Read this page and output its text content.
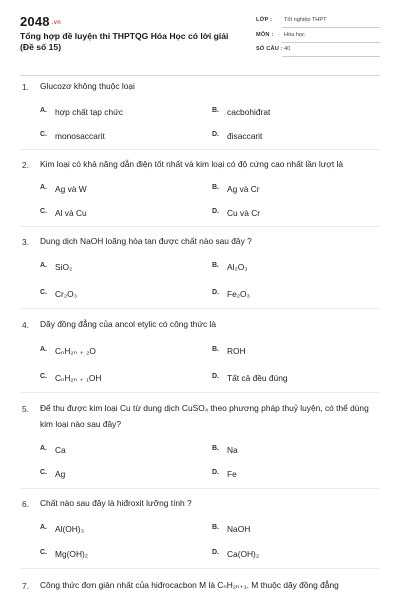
2048 .vn
Tổng hợp đề luyện thi THPTQG Hóa Học có lời giải (Đề số 15)
LỚP : Tốt nghiệp THPT
MÔN : Hóa học
SỐ CÂU : 40
1. Glucozơ không thuộc loại
A. hợp chất tạp chức	B. cacbohiđrat
C. monosaccarit	D. đisaccarit
2. Kim loại có khả năng dẫn điện tốt nhất và kim loại có độ cứng cao nhất lần lượt là
A. Ag và W	B. Ag và Cr
C. Al và Cu	D. Cu và Cr
3. Dung dịch NaOH loãng hòa tan được chất nào sau đây ?
A. SiO₂	B. Al₂O₃
C. Cr₂O₃	D. Fe₂O₃
4. Dãy đồng đẳng của ancol etylic có công thức là
A. CₙH₂ₙ ₊ ₂O	B. ROH
C. CₙH₂ₙ ₊ ₁OH	D. Tất cả đều đúng
5. Để thu được kim loại Cu từ dung dịch CuSO₄ theo phương pháp thuỷ luyện, có thể dùng kim loại nào sau đây?
A. Ca	B. Na
C. Ag	D. Fe
6. Chất nào sau đây là hiđroxit lưỡng tính ?
A. Al(OH)₃	B. NaOH
C. Mg(OH)₂	D. Ca(OH)₂
7. Công thức đơn giản nhất của hiđrocacbon M là CₙH₂ₙ₊₁. M thuộc dãy đồng đẳng
